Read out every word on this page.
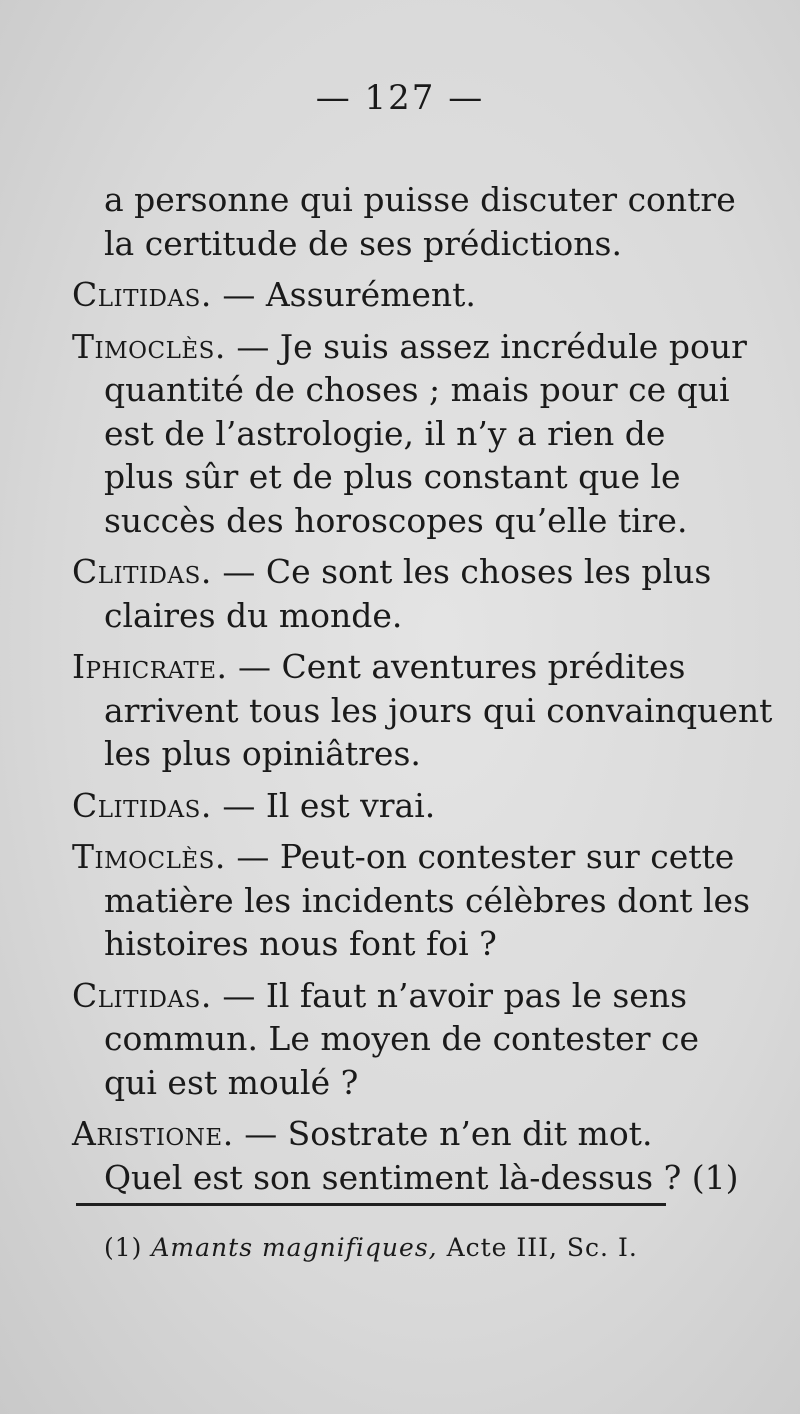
— 127 —
a personne qui puisse discuter contre
la certitude de ses prédictions.
Clitidas. — Assurément.
Timoclès. — Je suis assez incrédule pour
quantité de choses ; mais pour ce qui
est de l’astrologie, il n’y a rien de
plus sûr et de plus constant que le
succès des horoscopes qu’elle tire.
Clitidas. — Ce sont les choses les plus
claires du monde.
Iphicrate. — Cent aventures prédites
arrivent tous les jours qui convainquent
les plus opiniâtres.
Clitidas. — Il est vrai.
Timoclès. — Peut-on contester sur cette
matière les incidents célèbres dont les
histoires nous font foi ?
Clitidas. — Il faut n’avoir pas le sens
commun. Le moyen de contester ce
qui est moulé ?
Aristione. — Sostrate n’en dit mot.
Quel est son sentiment là-dessus ? (1)
(1) Amants magnifiques, Acte III, Sc. I.
